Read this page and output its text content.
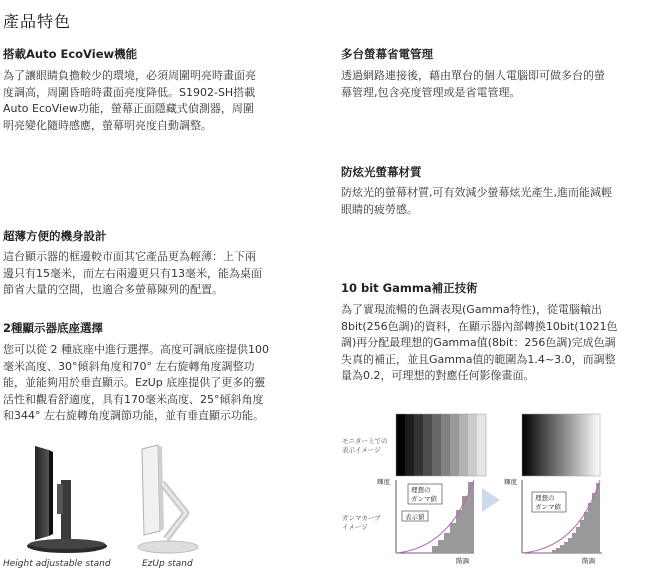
產品特色
搭載Auto EcoView機能
為了讓眼睛負擔較少的環境，必須周圍明亮時畫面亮
度調高，周圍昏暗時畫面亮度降低。S1902-SH搭載
Auto EcoView功能，螢幕正面隱藏式偵測器，周圍
明亮變化隨時感應，螢幕明亮度自動調整。
超薄方便的機身設計
這台顯示器的框邊較市面其它產品更為輕薄：上下兩
邊只有15毫米，而左右兩邊更只有13毫米，能為桌面
節省大量的空間，也適合多螢幕陳列的配置。
2種顯示器底座選擇
您可以從 2 種底座中進行選擇。高度可調底座提供100
毫米高度、30°傾斜角度和70° 左右旋轉角度調整功
能，並能夠用於垂直顯示。EzUp 底座提供了更多的靈
活性和觀看舒適度，具有170毫米高度、25°傾斜角度
和344° 左右旋轉角度調節功能，並有垂直顯示功能。
Height adjustable stand	EzUp stand
多台螢幕省電管理
透過網路連接後，藉由單台的個人電腦即可做多台的螢
幕管理,包含亮度管理或是省電管理。
防炫光螢幕材質
防炫光的螢幕材質,可有效減少螢幕炫光產生,進而能減輕
眼睛的疲勞感。
10 bit Gamma補正技術
為了實現流暢的色調表現(Gamma特性)，從電腦輸出
8bit(256色調)的資料，在顯示器內部轉換10bit(1021色
調)再分配最理想的Gamma值(8bit：256色調)完成色調
失真的補正，並且Gamma值的範圍為1.4~3.0，而調整
量為0.2，可理想的對應任何影像畫面。
モニター上での
表示イメージ
理想の
ガンマ値
表示値
輝度
階調
ガンマカーブ
イメージ
理想の
ガンマ値
輝度
階調
